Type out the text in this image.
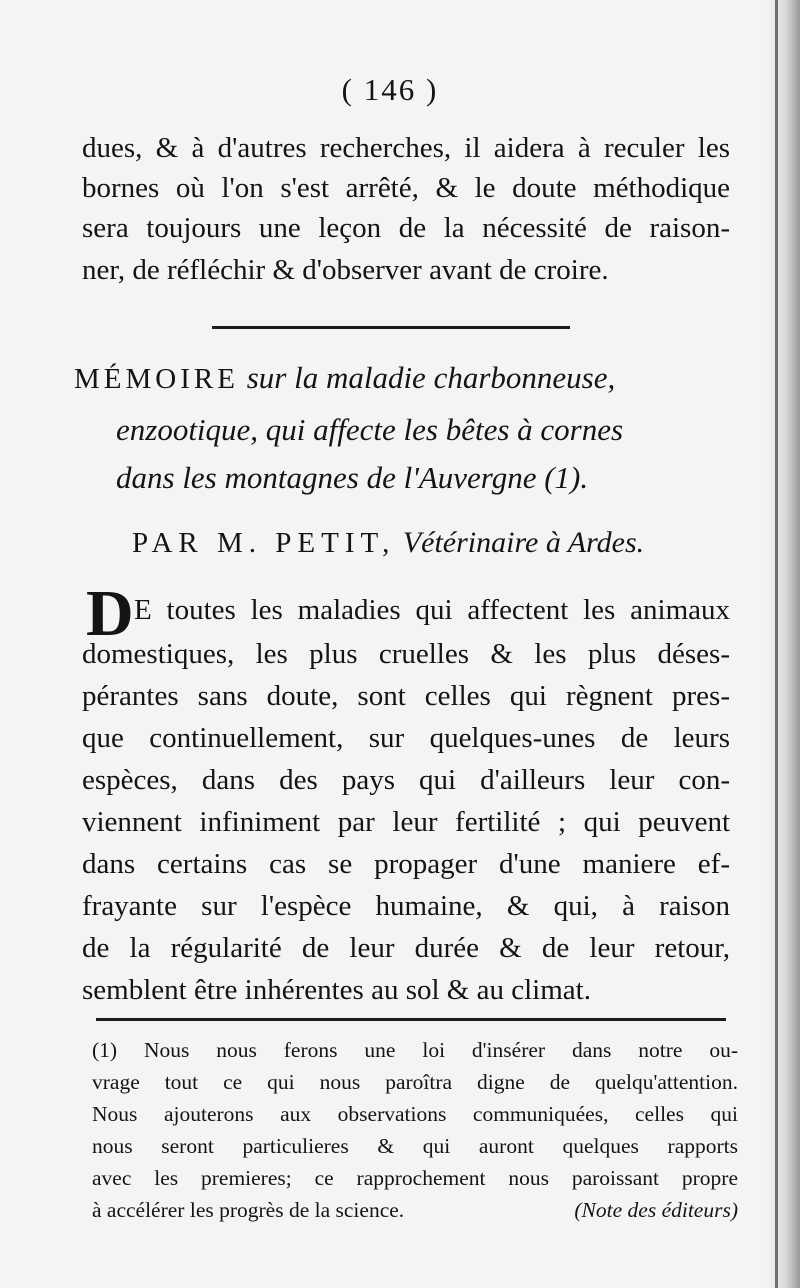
( 146 )
dues, & à d'autres recherches, il aidera à reculer les
bornes où l'on s'est arrêté, & le doute méthodique
sera toujours une leçon de la nécessité de raison-
ner, de réfléchir & d'observer avant de croire.
MÉMOIRE sur la maladie charbonneuse,
enzootique, qui affecte les bêtes à cornes
dans les montagnes de l'Auvergne (1).
PAR M. PETIT, Vétérinaire à Ardes.
D E toutes les maladies qui affectent les animaux
domestiques, les plus cruelles & les plus déses-
pérantes sans doute, sont celles qui règnent pres-
que continuellement, sur quelques-unes de leurs
espèces, dans des pays qui d'ailleurs leur con-
viennent infiniment par leur fertilité ; qui peuvent
dans certains cas se propager d'une maniere ef-
frayante sur l'espèce humaine, & qui, à raison
de la régularité de leur durée & de leur retour,
semblent être inhérentes au sol & au climat.
(1) Nous nous ferons une loi d'insérer dans notre ou-
vrage tout ce qui nous paroîtra digne de quelqu'attention.
Nous ajouterons aux observations communiquées, celles qui
nous seront particulieres & qui auront quelques rapports
avec les premieres; ce rapprochement nous paroissant propre
à accélérer les progrès de la science.	(Note des éditeurs)
